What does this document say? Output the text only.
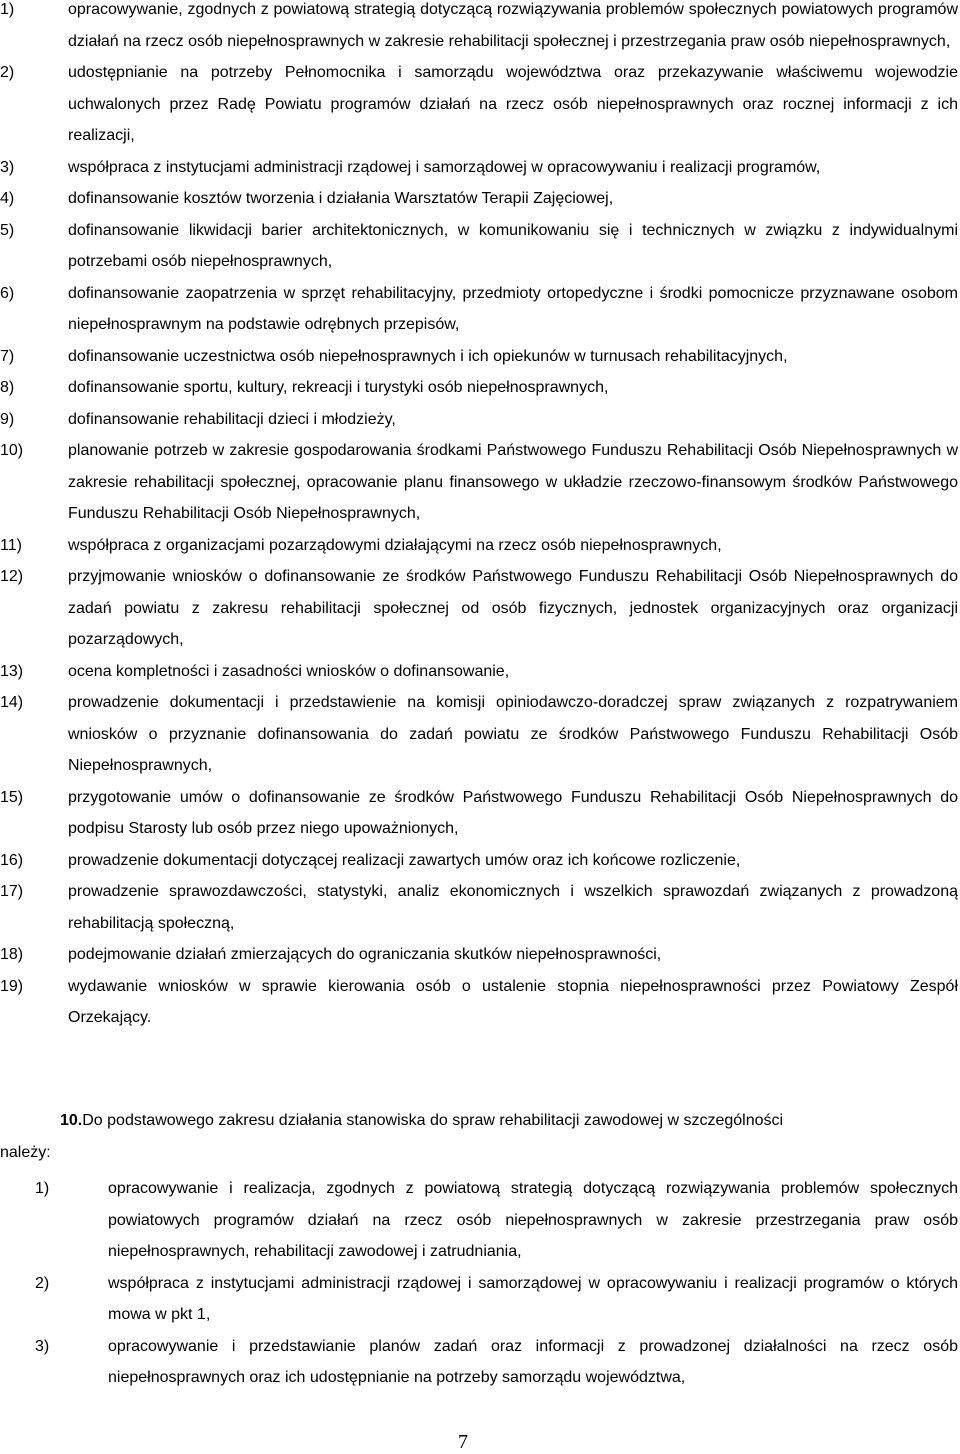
1)	opracowywanie, zgodnych z powiatową strategią dotyczącą rozwiązywania problemów społecznych powiatowych programów działań na rzecz osób niepełnosprawnych w zakresie rehabilitacji społecznej i przestrzegania praw osób niepełnosprawnych,
2)	udostępnianie na potrzeby Pełnomocnika i samorządu województwa oraz przekazywanie właściwemu wojewodzie uchwalonych przez Radę Powiatu programów działań na rzecz osób niepełnosprawnych oraz rocznej informacji z ich realizacji,
3)	współpraca z instytucjami administracji rządowej i samorządowej w opracowywaniu i realizacji programów,
4)	dofinansowanie kosztów tworzenia i działania Warsztatów Terapii Zajęciowej,
5)	dofinansowanie likwidacji barier architektonicznych, w komunikowaniu się i technicznych w związku z indywidualnymi potrzebami osób niepełnosprawnych,
6)	dofinansowanie zaopatrzenia w sprzęt rehabilitacyjny, przedmioty ortopedyczne i środki pomocnicze przyznawane osobom niepełnosprawnym na podstawie odrębnych przepisów,
7)	dofinansowanie uczestnictwa osób niepełnosprawnych i ich opiekunów w turnusach rehabilitacyjnych,
8)	dofinansowanie sportu, kultury, rekreacji i turystyki osób niepełnosprawnych,
9)	dofinansowanie rehabilitacji dzieci i młodzieży,
10)	planowanie potrzeb w zakresie gospodarowania środkami Państwowego Funduszu Rehabilitacji Osób Niepełnosprawnych w zakresie rehabilitacji społecznej, opracowanie planu finansowego w układzie rzeczowo-finansowym środków Państwowego Funduszu Rehabilitacji Osób Niepełnosprawnych,
11)	współpraca z organizacjami pozarządowymi działającymi na rzecz osób niepełnosprawnych,
12)	przyjmowanie wniosków o dofinansowanie ze środków Państwowego Funduszu Rehabilitacji Osób Niepełnosprawnych do zadań powiatu z zakresu rehabilitacji społecznej od osób fizycznych, jednostek organizacyjnych oraz organizacji pozarządowych,
13)	ocena kompletności i zasadności wniosków o dofinansowanie,
14)	prowadzenie dokumentacji i przedstawienie na komisji opiniodawczo-doradczej spraw związanych z rozpatrywaniem wniosków o przyznanie dofinansowania do zadań powiatu ze środków Państwowego Funduszu Rehabilitacji Osób Niepełnosprawnych,
15)	przygotowanie umów o dofinansowanie ze środków Państwowego Funduszu Rehabilitacji Osób Niepełnosprawnych do podpisu Starosty lub osób przez niego upoważnionych,
16)	prowadzenie dokumentacji dotyczącej realizacji zawartych umów oraz ich końcowe rozliczenie,
17)	prowadzenie sprawozdawczości, statystyki, analiz ekonomicznych i wszelkich sprawozdań związanych z prowadzoną rehabilitacją społeczną,
18)	podejmowanie działań zmierzających do ograniczania skutków niepełnosprawności,
19)	wydawanie wniosków w sprawie kierowania osób o ustalenie stopnia niepełnosprawności przez Powiatowy Zespół Orzekający.
10. Do podstawowego zakresu działania stanowiska do spraw rehabilitacji zawodowej w szczególności
należy:
1)	opracowywanie i realizacja, zgodnych z powiatową strategią dotyczącą rozwiązywania problemów społecznych powiatowych programów działań na rzecz osób niepełnosprawnych w zakresie przestrzegania praw osób niepełnosprawnych, rehabilitacji zawodowej i zatrudniania,
2)	współpraca z instytucjami administracji rządowej i samorządowej w opracowywaniu i realizacji programów o których mowa w pkt 1,
3)	opracowywanie i przedstawianie planów zadań oraz informacji z prowadzonej działalności na rzecz osób niepełnosprawnych oraz ich udostępnianie na potrzeby samorządu województwa,
7
